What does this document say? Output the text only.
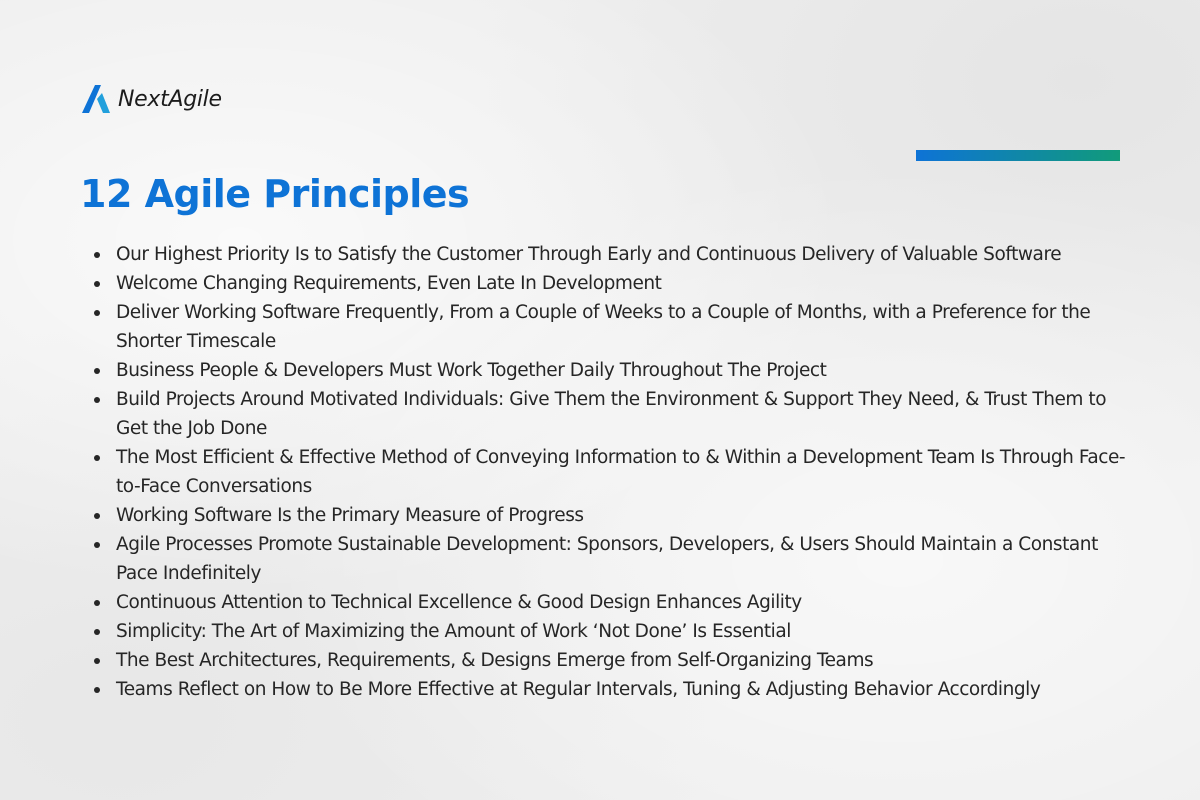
NextAgile
12 Agile Principles
Our Highest Priority Is to Satisfy the Customer Through Early and Continuous Delivery of Valuable Software
Welcome Changing Requirements, Even Late In Development
Deliver Working Software Frequently, From a Couple of Weeks to a Couple of Months, with a Preference for the Shorter Timescale
Business People & Developers Must Work Together Daily Throughout The Project
Build Projects Around Motivated Individuals: Give Them the Environment & Support They Need, & Trust Them to Get the Job Done
The Most Efficient & Effective Method of Conveying Information to & Within a Development Team Is Through Face-to-Face Conversations
Working Software Is the Primary Measure of Progress
Agile Processes Promote Sustainable Development: Sponsors, Developers, & Users Should Maintain a Constant Pace Indefinitely
Continuous Attention to Technical Excellence & Good Design Enhances Agility
Simplicity: The Art of Maximizing the Amount of Work ‘Not Done’ Is Essential
The Best Architectures, Requirements, & Designs Emerge from Self-Organizing Teams
Teams Reflect on How to Be More Effective at Regular Intervals, Tuning & Adjusting Behavior Accordingly
